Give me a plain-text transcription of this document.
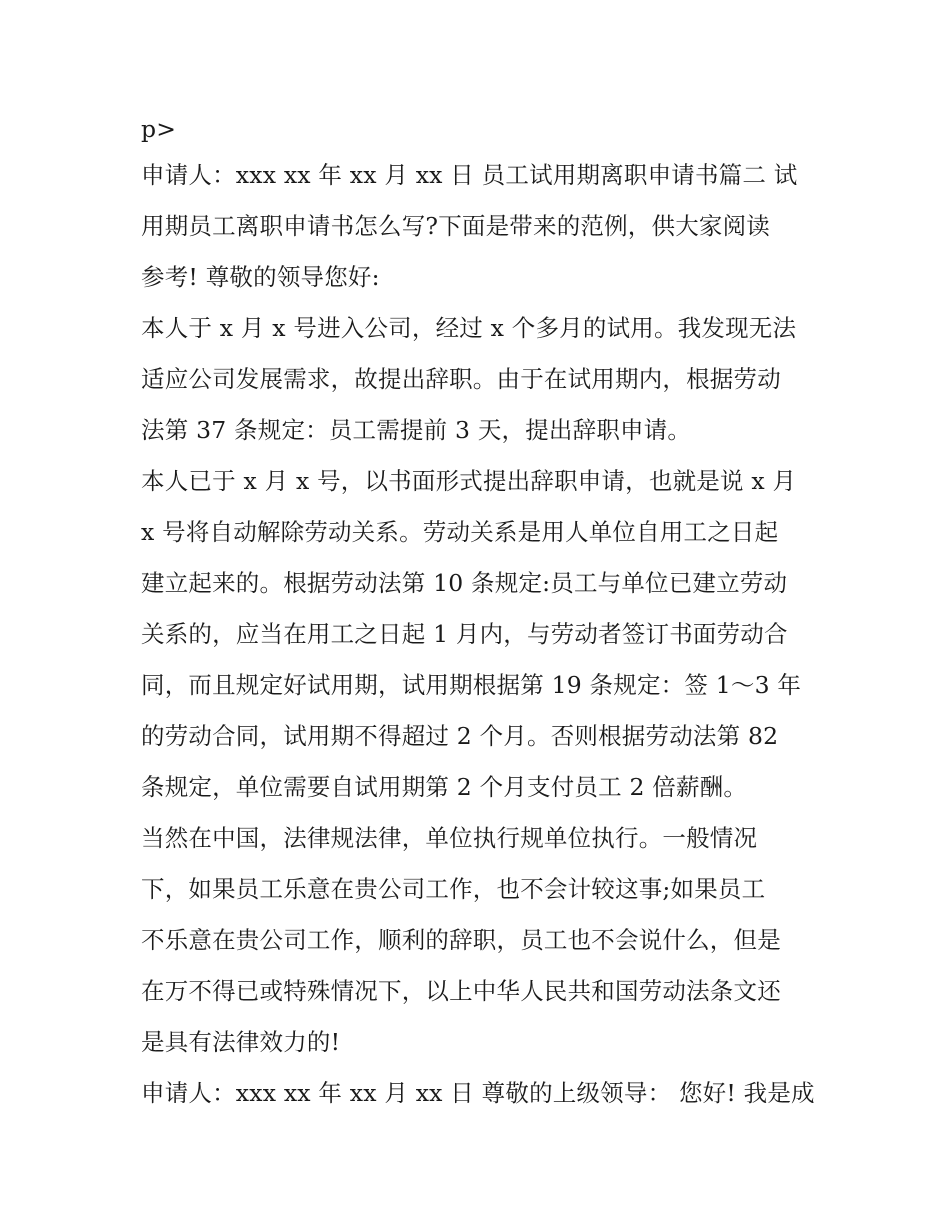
p>
申请人：xxx xx 年 xx 月 xx 日 员工试用期离职申请书篇二 试
用期员工离职申请书怎么写?下面是带来的范例，供大家阅读
参考! 尊敬的领导您好:
本人于 x 月 x 号进入公司，经过 x 个多月的试用。我发现无法
适应公司发展需求，故提出辞职。由于在试用期内，根据劳动
法第 37 条规定：员工需提前 3 天，提出辞职申请。
本人已于 x 月 x 号，以书面形式提出辞职申请，也就是说 x 月
x 号将自动解除劳动关系。劳动关系是用人单位自用工之日起
建立起来的。根据劳动法第 10 条规定:员工与单位已建立劳动
关系的，应当在用工之日起 1 月内，与劳动者签订书面劳动合
同，而且规定好试用期，试用期根据第 19 条规定：签 1～3 年
的劳动合同，试用期不得超过 2 个月。否则根据劳动法第 82
条规定，单位需要自试用期第 2 个月支付员工 2 倍薪酬。
当然在中国，法律规法律，单位执行规单位执行。一般情况
下，如果员工乐意在贵公司工作，也不会计较这事;如果员工
不乐意在贵公司工作，顺利的辞职，员工也不会说什么，但是
在万不得已或特殊情况下，以上中华人民共和国劳动法条文还
是具有法律效力的!
申请人：xxx xx 年 xx 月 xx 日 尊敬的上级领导： 您好! 我是成
